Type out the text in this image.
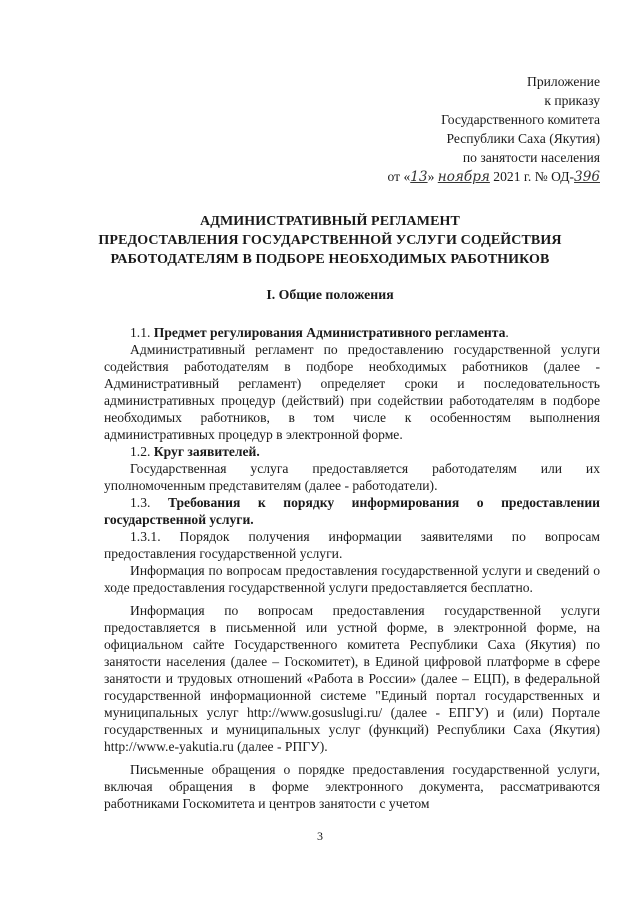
Приложение
к приказу
Государственного комитета
Республики Саха (Якутия)
по занятости населения
от «13» ноября 2021 г. № ОД-396
АДМИНИСТРАТИВНЫЙ РЕГЛАМЕНТ
ПРЕДОСТАВЛЕНИЯ ГОСУДАРСТВЕННОЙ УСЛУГИ СОДЕЙСТВИЯ
РАБОТОДАТЕЛЯМ В ПОДБОРЕ НЕОБХОДИМЫХ РАБОТНИКОВ
I. Общие положения

1.1. Предмет регулирования Административного регламента.

Административный регламент по предоставлению государственной услуги содействия работодателям в подборе необходимых работников (далее - Административный регламент) определяет сроки и последовательность административных процедур (действий) при содействии работодателям в подборе необходимых работников, в том числе к особенностям выполнения административных процедур в электронной форме.

1.2. Круг заявителей.

Государственная услуга предоставляется работодателям или их уполномоченным представителям (далее - работодатели).

1.3. Требования к порядку информирования о предоставлении государственной услуги.

1.3.1. Порядок получения информации заявителями по вопросам предоставления государственной услуги.

Информация по вопросам предоставления государственной услуги и сведений о ходе предоставления государственной услуги предоставляется бесплатно.

Информация по вопросам предоставления государственной услуги предоставляется в письменной или устной форме, в электронной форме, на официальном сайте Государственного комитета Республики Саха (Якутия) по занятости населения (далее – Госкомитет), в Единой цифровой платформе в сфере занятости и трудовых отношений «Работа в России» (далее – ЕЦП), в федеральной государственной информационной системе "Единый портал государственных и муниципальных услуг http://www.gosuslugi.ru/ (далее - ЕПГУ) и (или) Портале государственных и муниципальных услуг (функций) Республики Саха (Якутия) http://www.e-yakutia.ru (далее - РПГУ).

Письменные обращения о порядке предоставления государственной услуги, включая обращения в форме электронного документа, рассматриваются работниками Госкомитета и центров занятости с учетом

3
